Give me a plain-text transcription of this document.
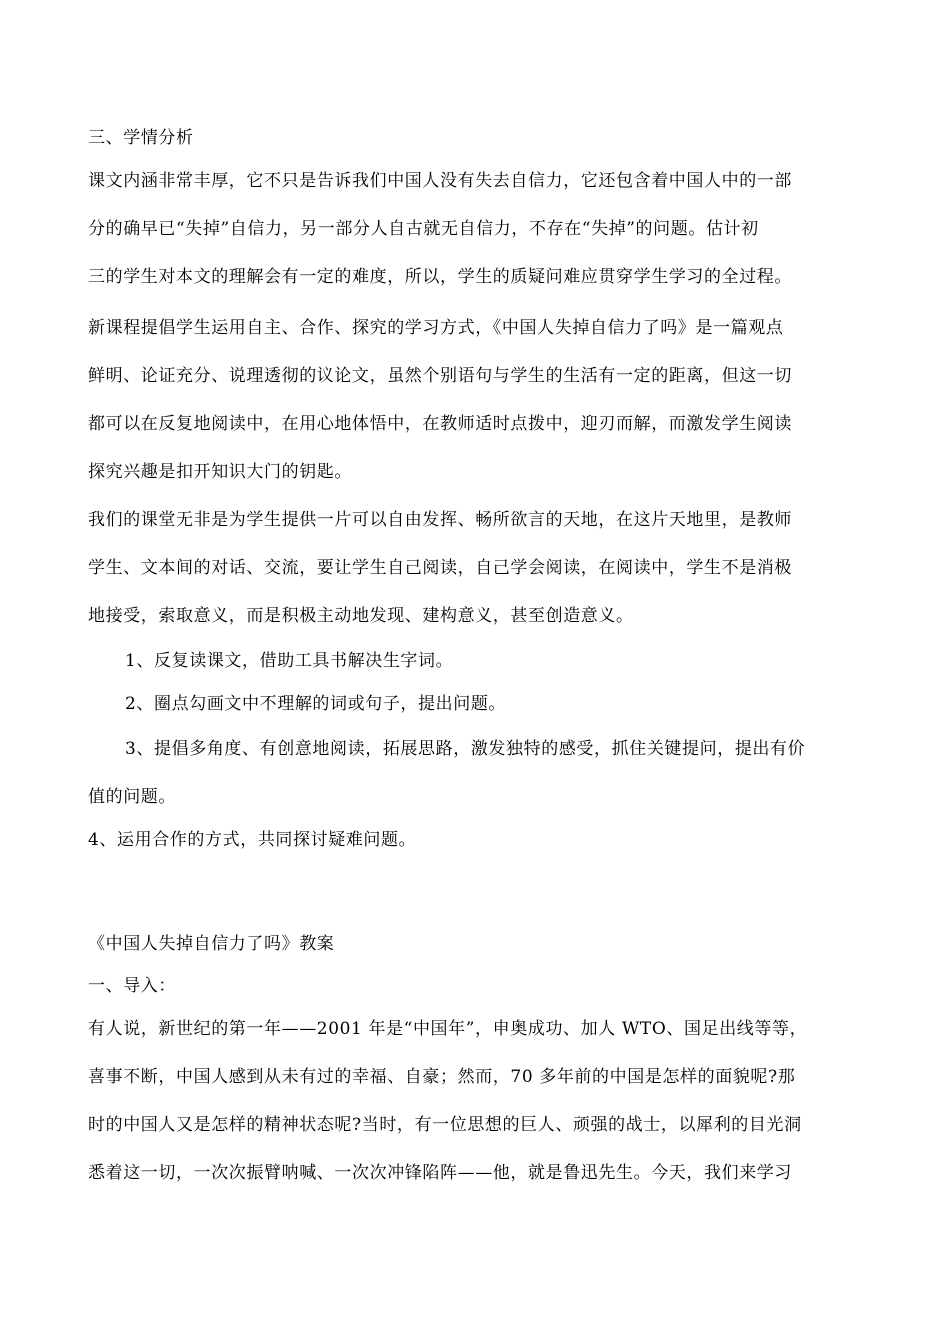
三、学情分析
课文内涵非常丰厚，它不只是告诉我们中国人没有失去自信力，它还包含着中国人中的一部
分的确早已“失掉”自信力，另一部分人自古就无自信力，不存在“失掉”的问题。估计初
三的学生对本文的理解会有一定的难度，所以，学生的质疑问难应贯穿学生学习的全过程。
新课程提倡学生运用自主、合作、探究的学习方式，《中国人失掉自信力了吗》是一篇观点
鲜明、论证充分、说理透彻的议论文，虽然个别语句与学生的生活有一定的距离，但这一切
都可以在反复地阅读中，在用心地体悟中，在教师适时点拨中，迎刃而解，而激发学生阅读
探究兴趣是扣开知识大门的钥匙。
我们的课堂无非是为学生提供一片可以自由发挥、畅所欲言的天地，在这片天地里，是教师
学生、文本间的对话、交流，要让学生自己阅读，自己学会阅读，在阅读中，学生不是消极
地接受，索取意义，而是积极主动地发现、建构意义，甚至创造意义。
1、反复读课文，借助工具书解决生字词。
2、圈点勾画文中不理解的词或句子，提出问题。
3、提倡多角度、有创意地阅读，拓展思路，激发独特的感受，抓住关键提问，提出有价
值的问题。
4、运用合作的方式，共同探讨疑难问题。
《中国人失掉自信力了吗》教案
一、导入：
有人说，新世纪的第一年——2001 年是“中国年”，申奥成功、加人 WTO、国足出线等等，
喜事不断，中国人感到从未有过的幸福、自豪；然而，70 多年前的中国是怎样的面貌呢?那
时的中国人又是怎样的精神状态呢?当时，有一位思想的巨人、顽强的战士，以犀利的目光洞
悉着这一切，一次次振臂呐喊、一次次冲锋陷阵——他，就是鲁迅先生。今天，我们来学习
